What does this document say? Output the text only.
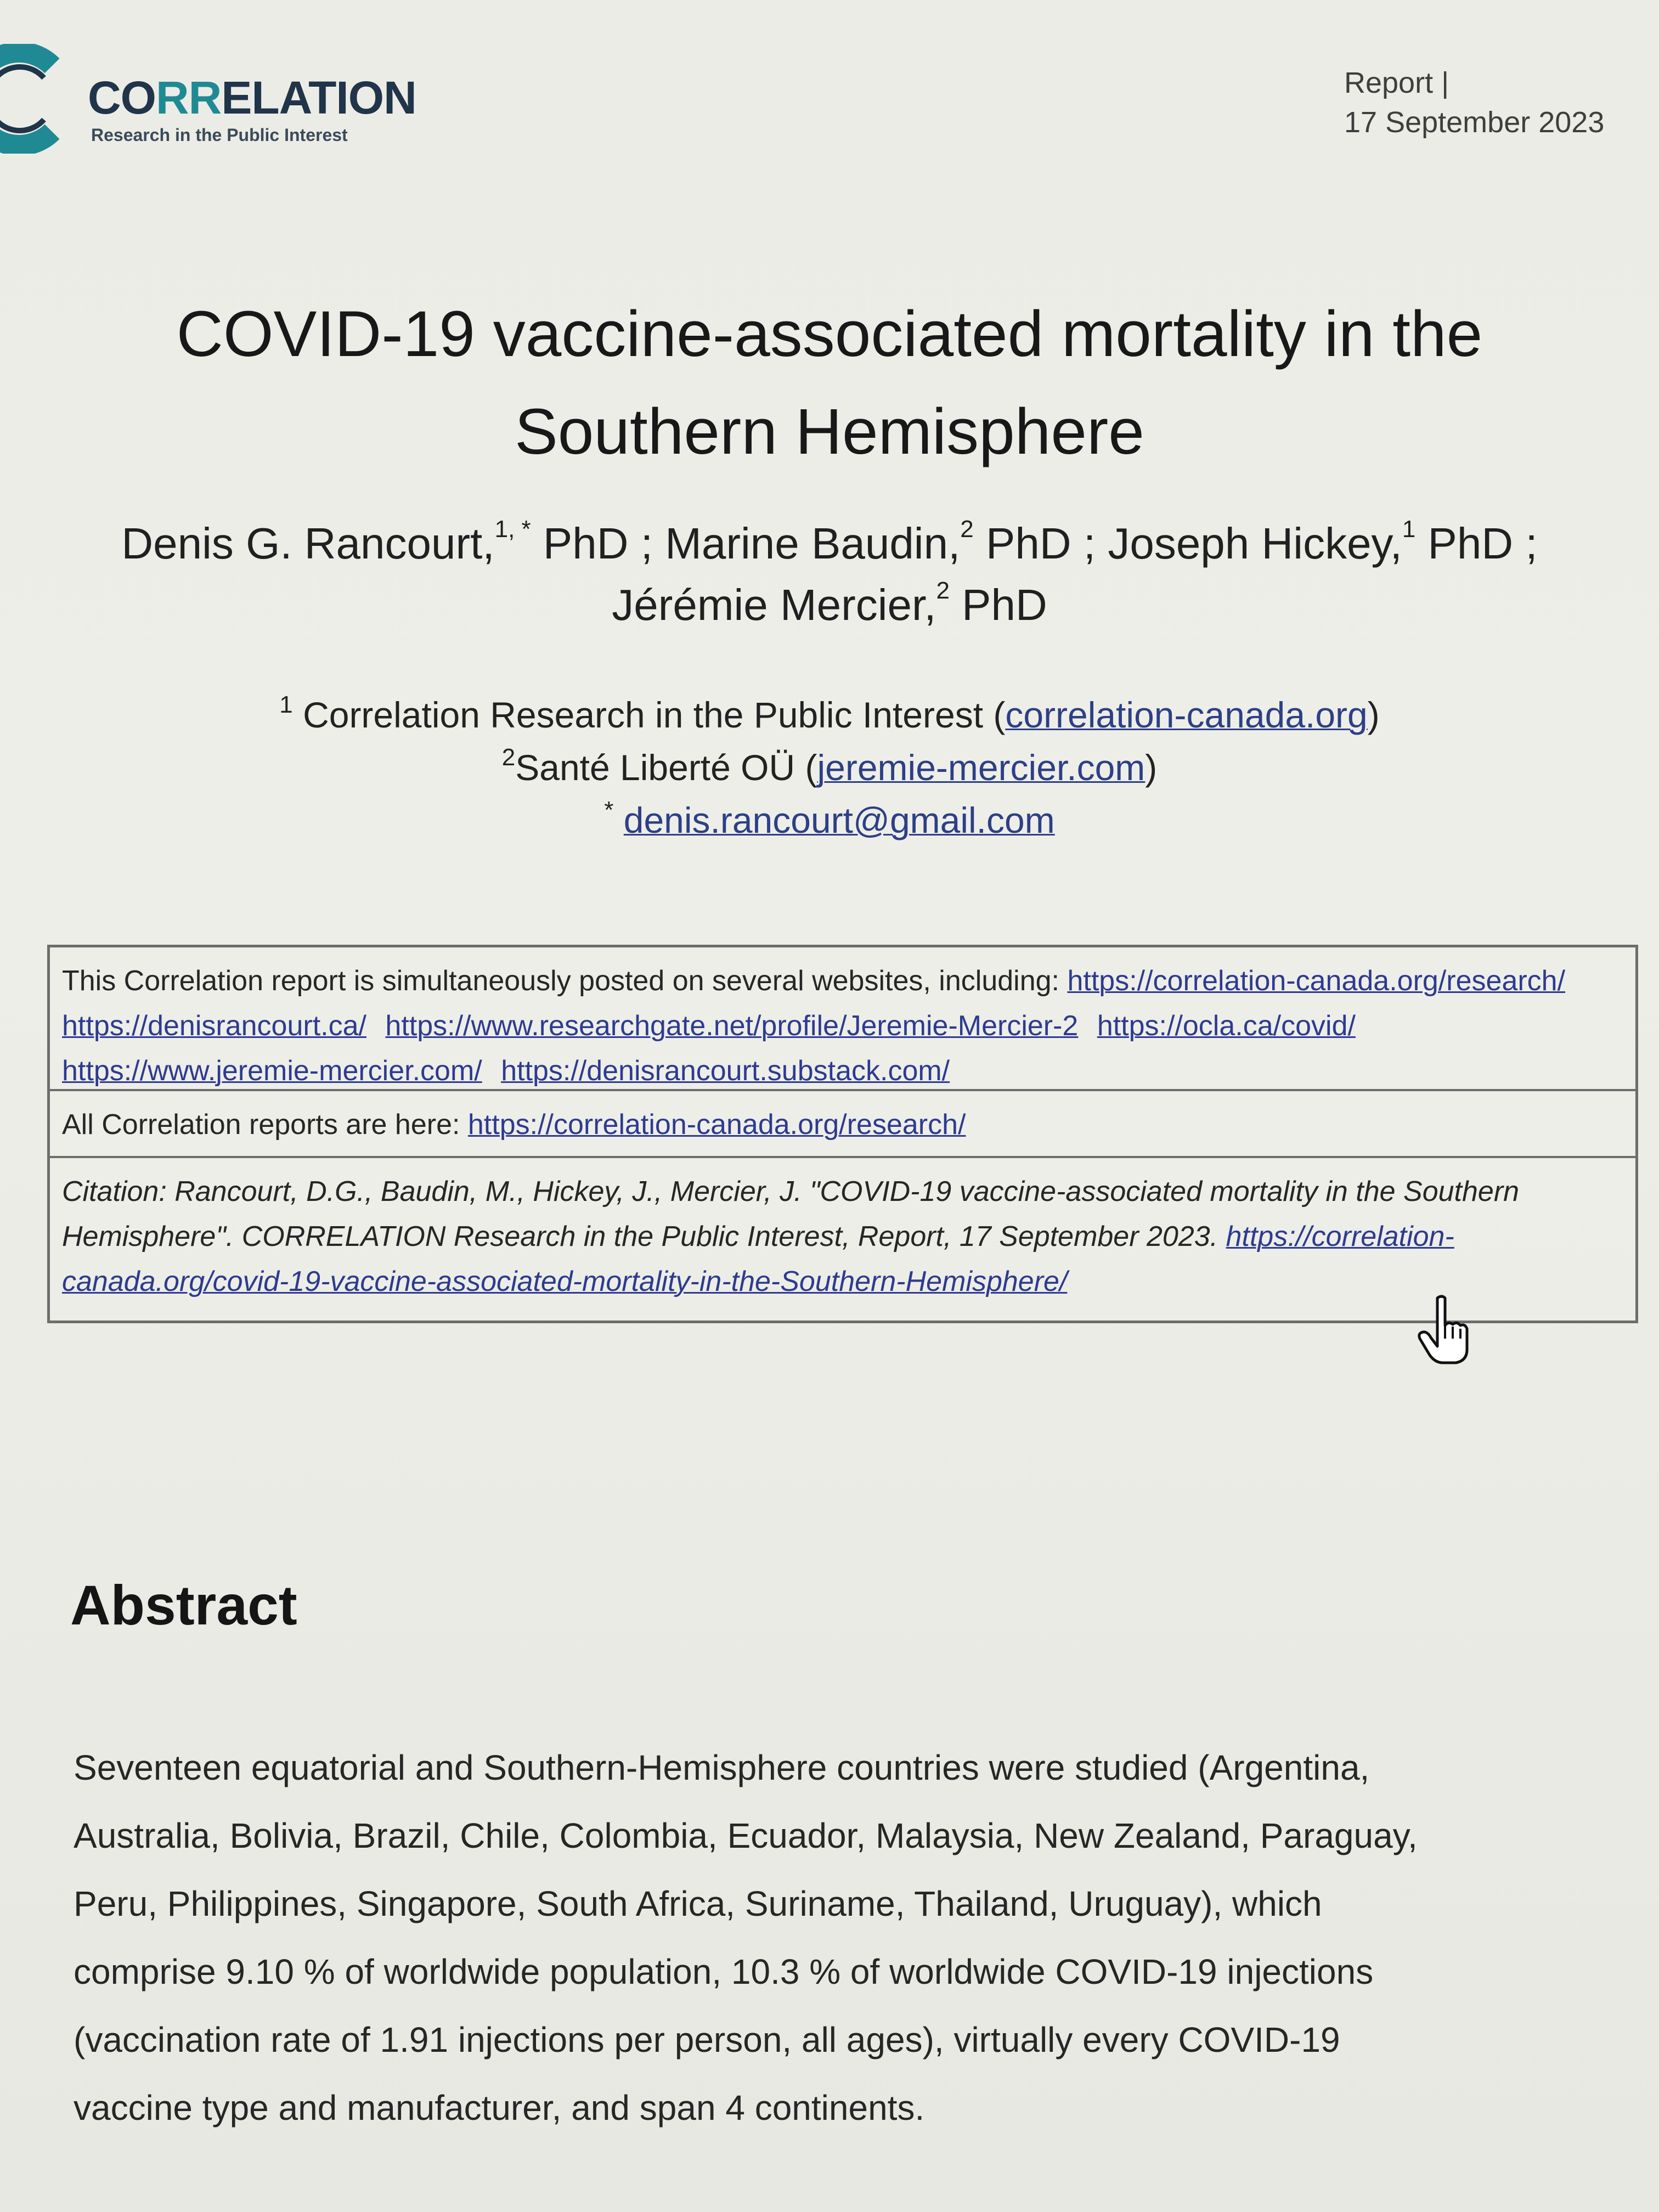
CORRELATION
Research in the Public Interest
Report |
17 September 2023
COVID-19 vaccine-associated mortality in the
Southern Hemisphere
Denis G. Rancourt,$^{1, *}$ PhD ; Marine Baudin,$^2$ PhD ; Joseph Hickey,$^1$ PhD ;
Jérémie Mercier,$^2$ PhD
$^1$ Correlation Research in the Public Interest (correlation-canada.org)
$^2$Santé Liberté OÜ (jeremie-mercier.com)
* denis.rancourt@gmail.com
This Correlation report is simultaneously posted on several websites, including: https://correlation-canada.org/research/ https://denisrancourt.ca/ https://www.researchgate.net/profile/Jeremie-Mercier-2 https://ocla.ca/covid/ https://www.jeremie-mercier.com/ https://denisrancourt.substack.com/
All Correlation reports are here: https://correlation-canada.org/research/
Citation: Rancourt, D.G., Baudin, M., Hickey, J., Mercier, J. "COVID-19 vaccine-associated mortality in the Southern Hemisphere". CORRELATION Research in the Public Interest, Report, 17 September 2023. https://correlation-canada.org/covid-19-vaccine-associated-mortality-in-the-Southern-Hemisphere/
Abstract
Seventeen equatorial and Southern-Hemisphere countries were studied (Argentina,
Australia, Bolivia, Brazil, Chile, Colombia, Ecuador, Malaysia, New Zealand, Paraguay,
Peru, Philippines, Singapore, South Africa, Suriname, Thailand, Uruguay), which
comprise 9.10 % of worldwide population, 10.3 % of worldwide COVID-19 injections
(vaccination rate of 1.91 injections per person, all ages), virtually every COVID-19
vaccine type and manufacturer, and span 4 continents.
